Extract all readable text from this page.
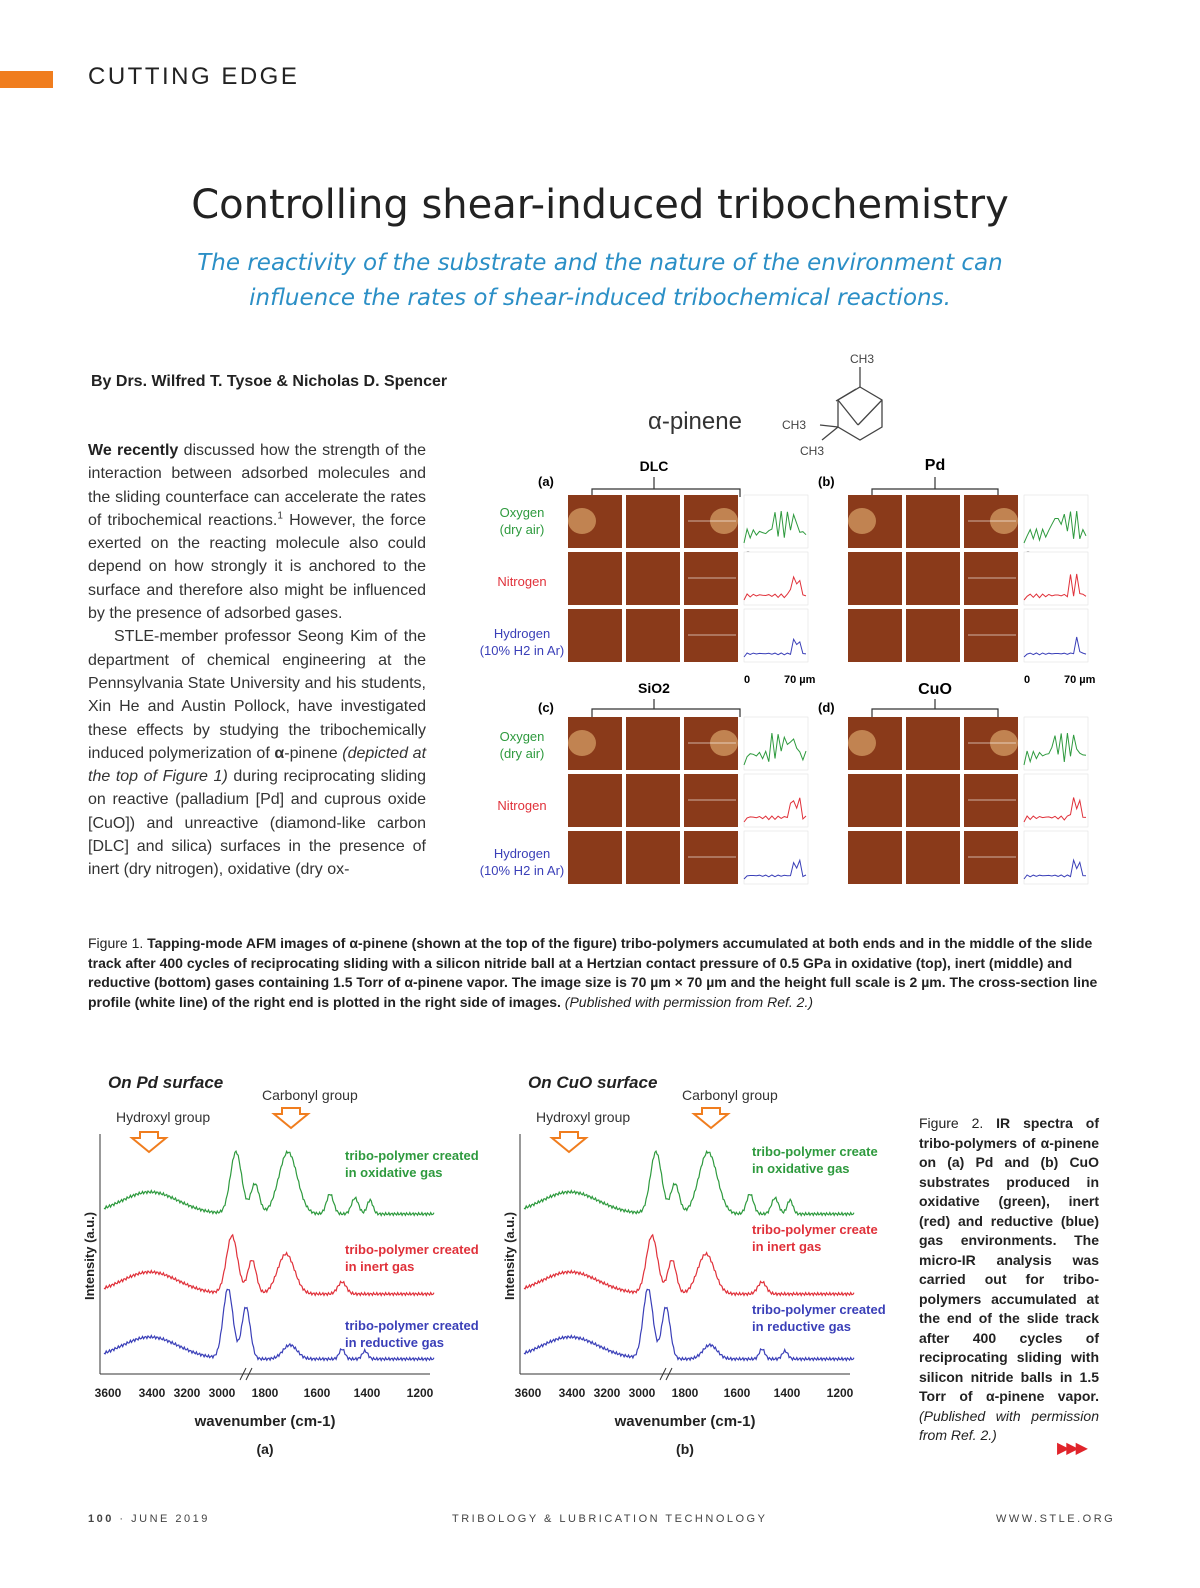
CUTTING EDGE
Controlling shear-induced tribochemistry
The reactivity of the substrate and the nature of the environment can
influence the rates of shear-induced tribochemical reactions.
By Drs. Wilfred T. Tysoe & Nicholas D. Spencer

We recently discussed how the strength of the interaction between adsorbed molecules and the sliding counterface can accelerate the rates of tribochemical reactions.$^1$ However, the force exerted on the reacting molecule also could depend on how strongly it is anchored to the surface and therefore also might be influenced by the presence of adsorbed gases.

STLE-member professor Seong Kim of the department of chemical engineering at the Pennsylvania State University and his students, Xin He and Austin Pollock, have investigated these effects by studying the tribochemically induced polymerization of α-pinene (depicted at the top of Figure 1) during reciprocating sliding on reactive (palladium [Pd] and cuprous oxide [CuO]) and unreactive (diamond-like carbon [DLC] and silica) surfaces in the presence of inert (dry nitrogen), oxidative (dry ox-

CH3
CH3
CH3
α-pinene
Oxygen
(dry air)
Nitrogen
Hydrogen
(10% H2 in Ar)
Oxygen
(dry air)
Nitrogen
Hydrogen
(10% H2 in Ar)
(a)	(b)
(c)	(d)
DLC	Pd
SiO2	CuO
0	70 µm	0	70 µm
Figure 1. Tapping-mode AFM images of α-pinene (shown at the top of the figure) tribo-polymers accumulated at both ends and in the middle of the slide track after 400 cycles of reciprocating sliding with a silicon nitride ball at a Hertzian contact pressure of 0.5 GPa in oxidative (top), inert (middle) and reductive (bottom) gases containing 1.5 Torr of α-pinene vapor. The image size is 70 µm × 70 µm and the height full scale is 2 µm. The cross-section line profile (white line) of the right end is plotted in the right side of images. (Published with permission from Ref. 2.)
On Pd surface
Hydroxyl group
Carbonyl group
Intensity (a.u.)
3600 3400 3200 3000 1800 1600 1400 1200
wavenumber (cm-1)
(a)
tribo-polymer created
in oxidative gas
tribo-polymer created
in inert gas
tribo-polymer created
in reductive gas
On CuO surface
Hydroxyl group
Carbonyl group
Intensity (a.u.)
3600 3400 3200 3000 1800 1600 1400 1200
wavenumber (cm-1)
(b)
tribo-polymer create
in oxidative gas
tribo-polymer create
in inert gas
tribo-polymer created
in reductive gas
Figure 2. IR spectra of tribo-polymers of α-pinene on (a) Pd and (b) CuO substrates produced in oxidative (green), inert (red) and reductive (blue) gas environments. The micro-IR analysis was carried out for tribo-polymers accumulated at the end of the slide track after 400 cycles of reciprocating sliding with silicon nitride balls in 1.5 Torr of α-pinene vapor. (Published with permission from Ref. 2.)
▶▶▶
100 · JUNE 2019	TRIBOLOGY & LUBRICATION TECHNOLOGY	WWW.STLE.ORG
